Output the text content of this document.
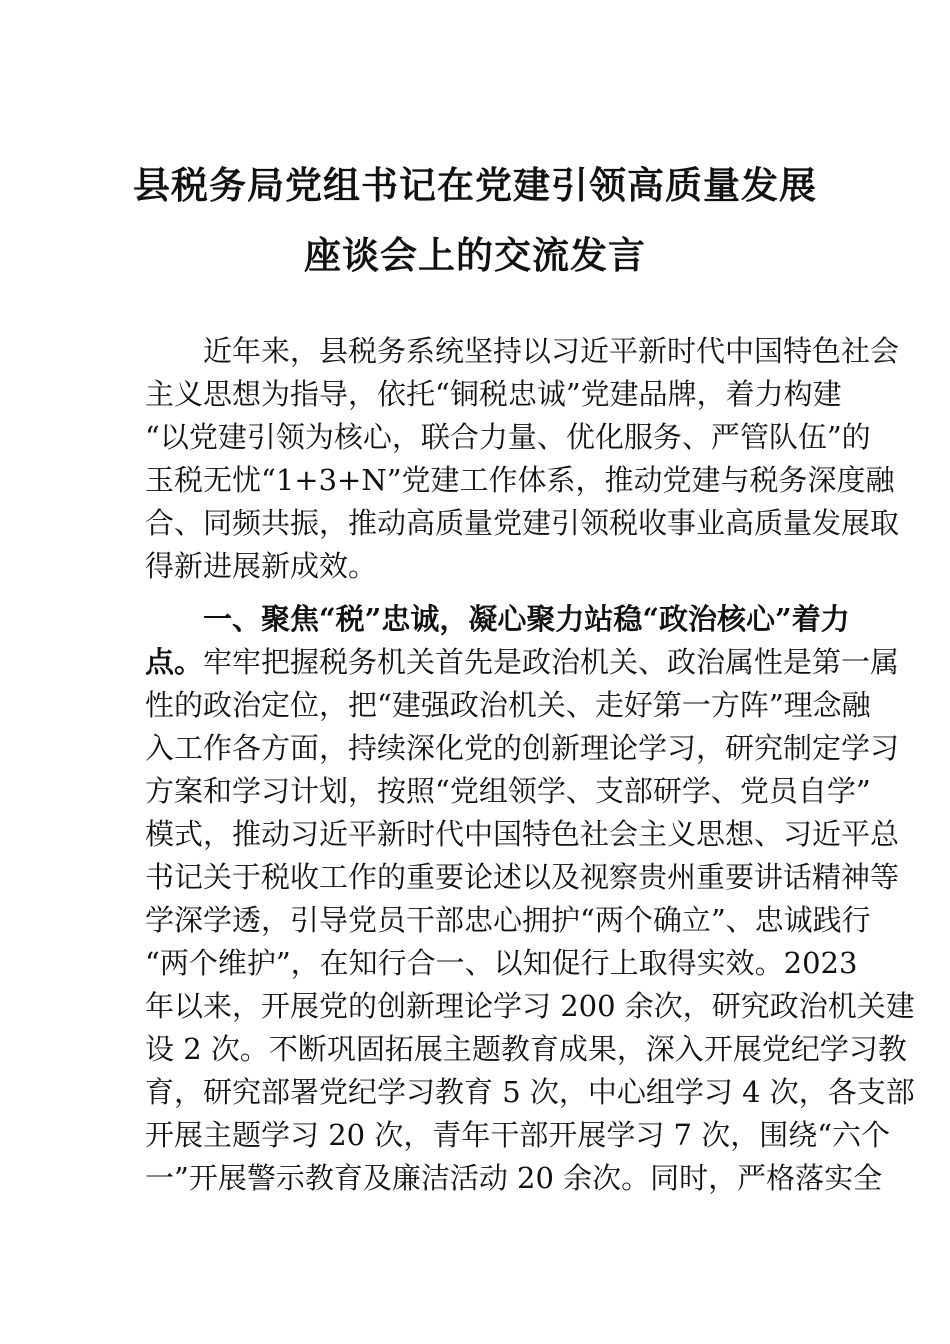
县税务局党组书记在党建引领高质量发展
座谈会上的交流发言
近年来，县税务系统坚持以习近平新时代中国特色社会
主义思想为指导，依托“铜税忠诚”党建品牌，着力构建
“以党建引领为核心，联合力量、优化服务、严管队伍”的
玉税无忧“1+3+N”党建工作体系，推动党建与税务深度融
合、同频共振，推动高质量党建引领税收事业高质量发展取
得新进展新成效。
一、聚焦“税”忠诚，凝心聚力站稳“政治核心”着力
点。牢牢把握税务机关首先是政治机关、政治属性是第一属
性的政治定位，把“建强政治机关、走好第一方阵”理念融
入工作各方面，持续深化党的创新理论学习，研究制定学习
方案和学习计划，按照“党组领学、支部研学、党员自学”
模式，推动习近平新时代中国特色社会主义思想、习近平总
书记关于税收工作的重要论述以及视察贵州重要讲话精神等
学深学透，引导党员干部忠心拥护“两个确立”、忠诚践行
“两个维护”，在知行合一、以知促行上取得实效。2023
年以来，开展党的创新理论学习 200 余次，研究政治机关建
设 2 次。不断巩固拓展主题教育成果，深入开展党纪学习教
育，研究部署党纪学习教育 5 次，中心组学习 4 次，各支部
开展主题学习 20 次，青年干部开展学习 7 次，围绕“六个
一”开展警示教育及廉洁活动 20 余次。同时，严格落实全
